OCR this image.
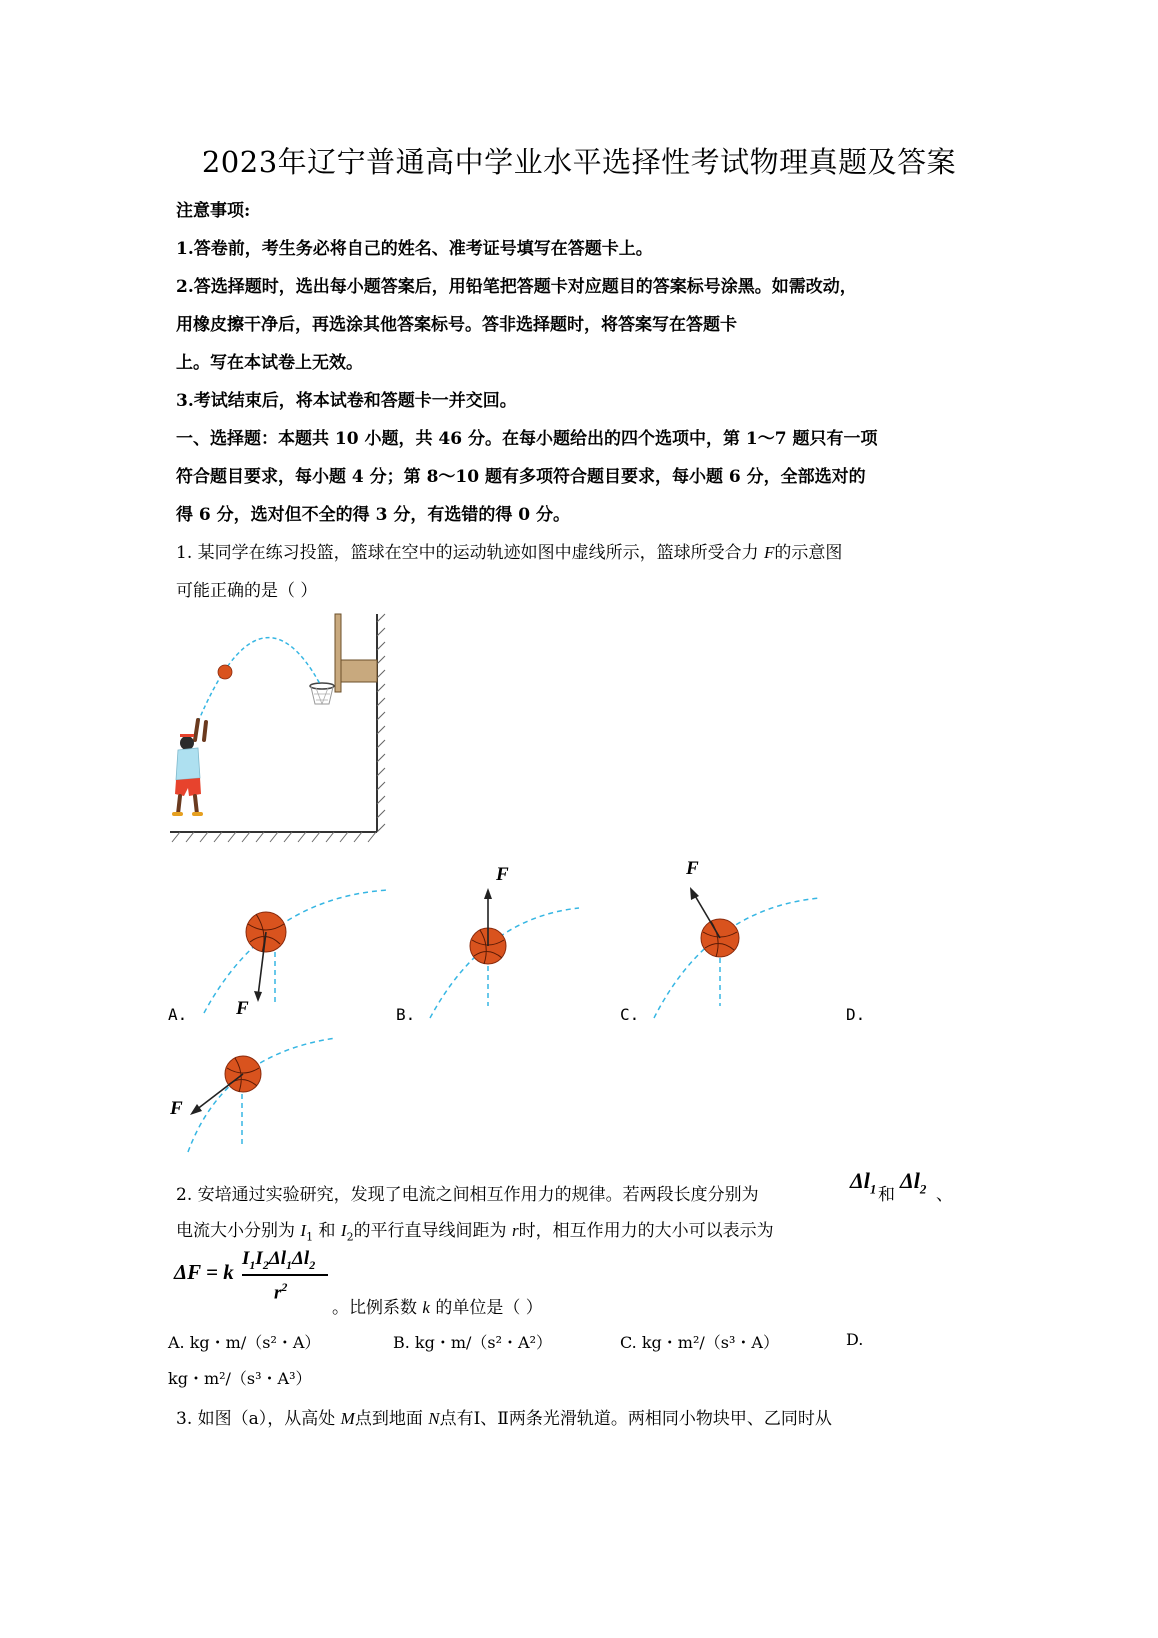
2023年辽宁普通高中学业水平选择性考试物理真题及答案
注意事项:
1.答卷前，考生务必将自己的姓名、准考证号填写在答题卡上。
2.答选择题时，选出每小题答案后，用铅笔把答题卡对应题目的答案标号涂黑。如需改动，
用橡皮擦干净后，再选涂其他答案标号。答非选择题时，将答案写在答题卡
上。写在本试卷上无效。
3.考试结束后，将本试卷和答题卡一并交回。
一、选择题：本题共 10 小题，共 46 分。在每小题给出的四个选项中，第 1～7 题只有一项
符合题目要求，每小题 4 分；第 8～10 题有多项符合题目要求，每小题 6 分，全部选对的
得 6 分，选对但不全的得 3 分，有选错的得 0 分。
1. 某同学在练习投篮，篮球在空中的运动轨迹如图中虚线所示，篮球所受合力 F的示意图
可能正确的是（ ）
F
A.
F
B.
F
C.	D.
F
2. 安培通过实验研究，发现了电流之间相互作用力的规律。若两段长度分别为
$\Delta l_1$ 和
$\Delta l_2$ 、
电流大小分别为 $I_1$ 和 $I_2$的平行直导线间距为 r时，相互作用力的大小可以表示为
ΔF = k
$I_1I_2\Delta l_1\Delta l_2$
$r^2$
。比例系数 k 的单位是（ ）
A. kg・m/（s²・A）	B. kg・m/（s²・A²）	C. kg・m²/（s³・A）	D.
kg・m²/（s³・A³）
3. 如图（a），从高处 M点到地面 N点有Ⅰ、Ⅱ两条光滑轨道。两相同小物块甲、乙同时从
